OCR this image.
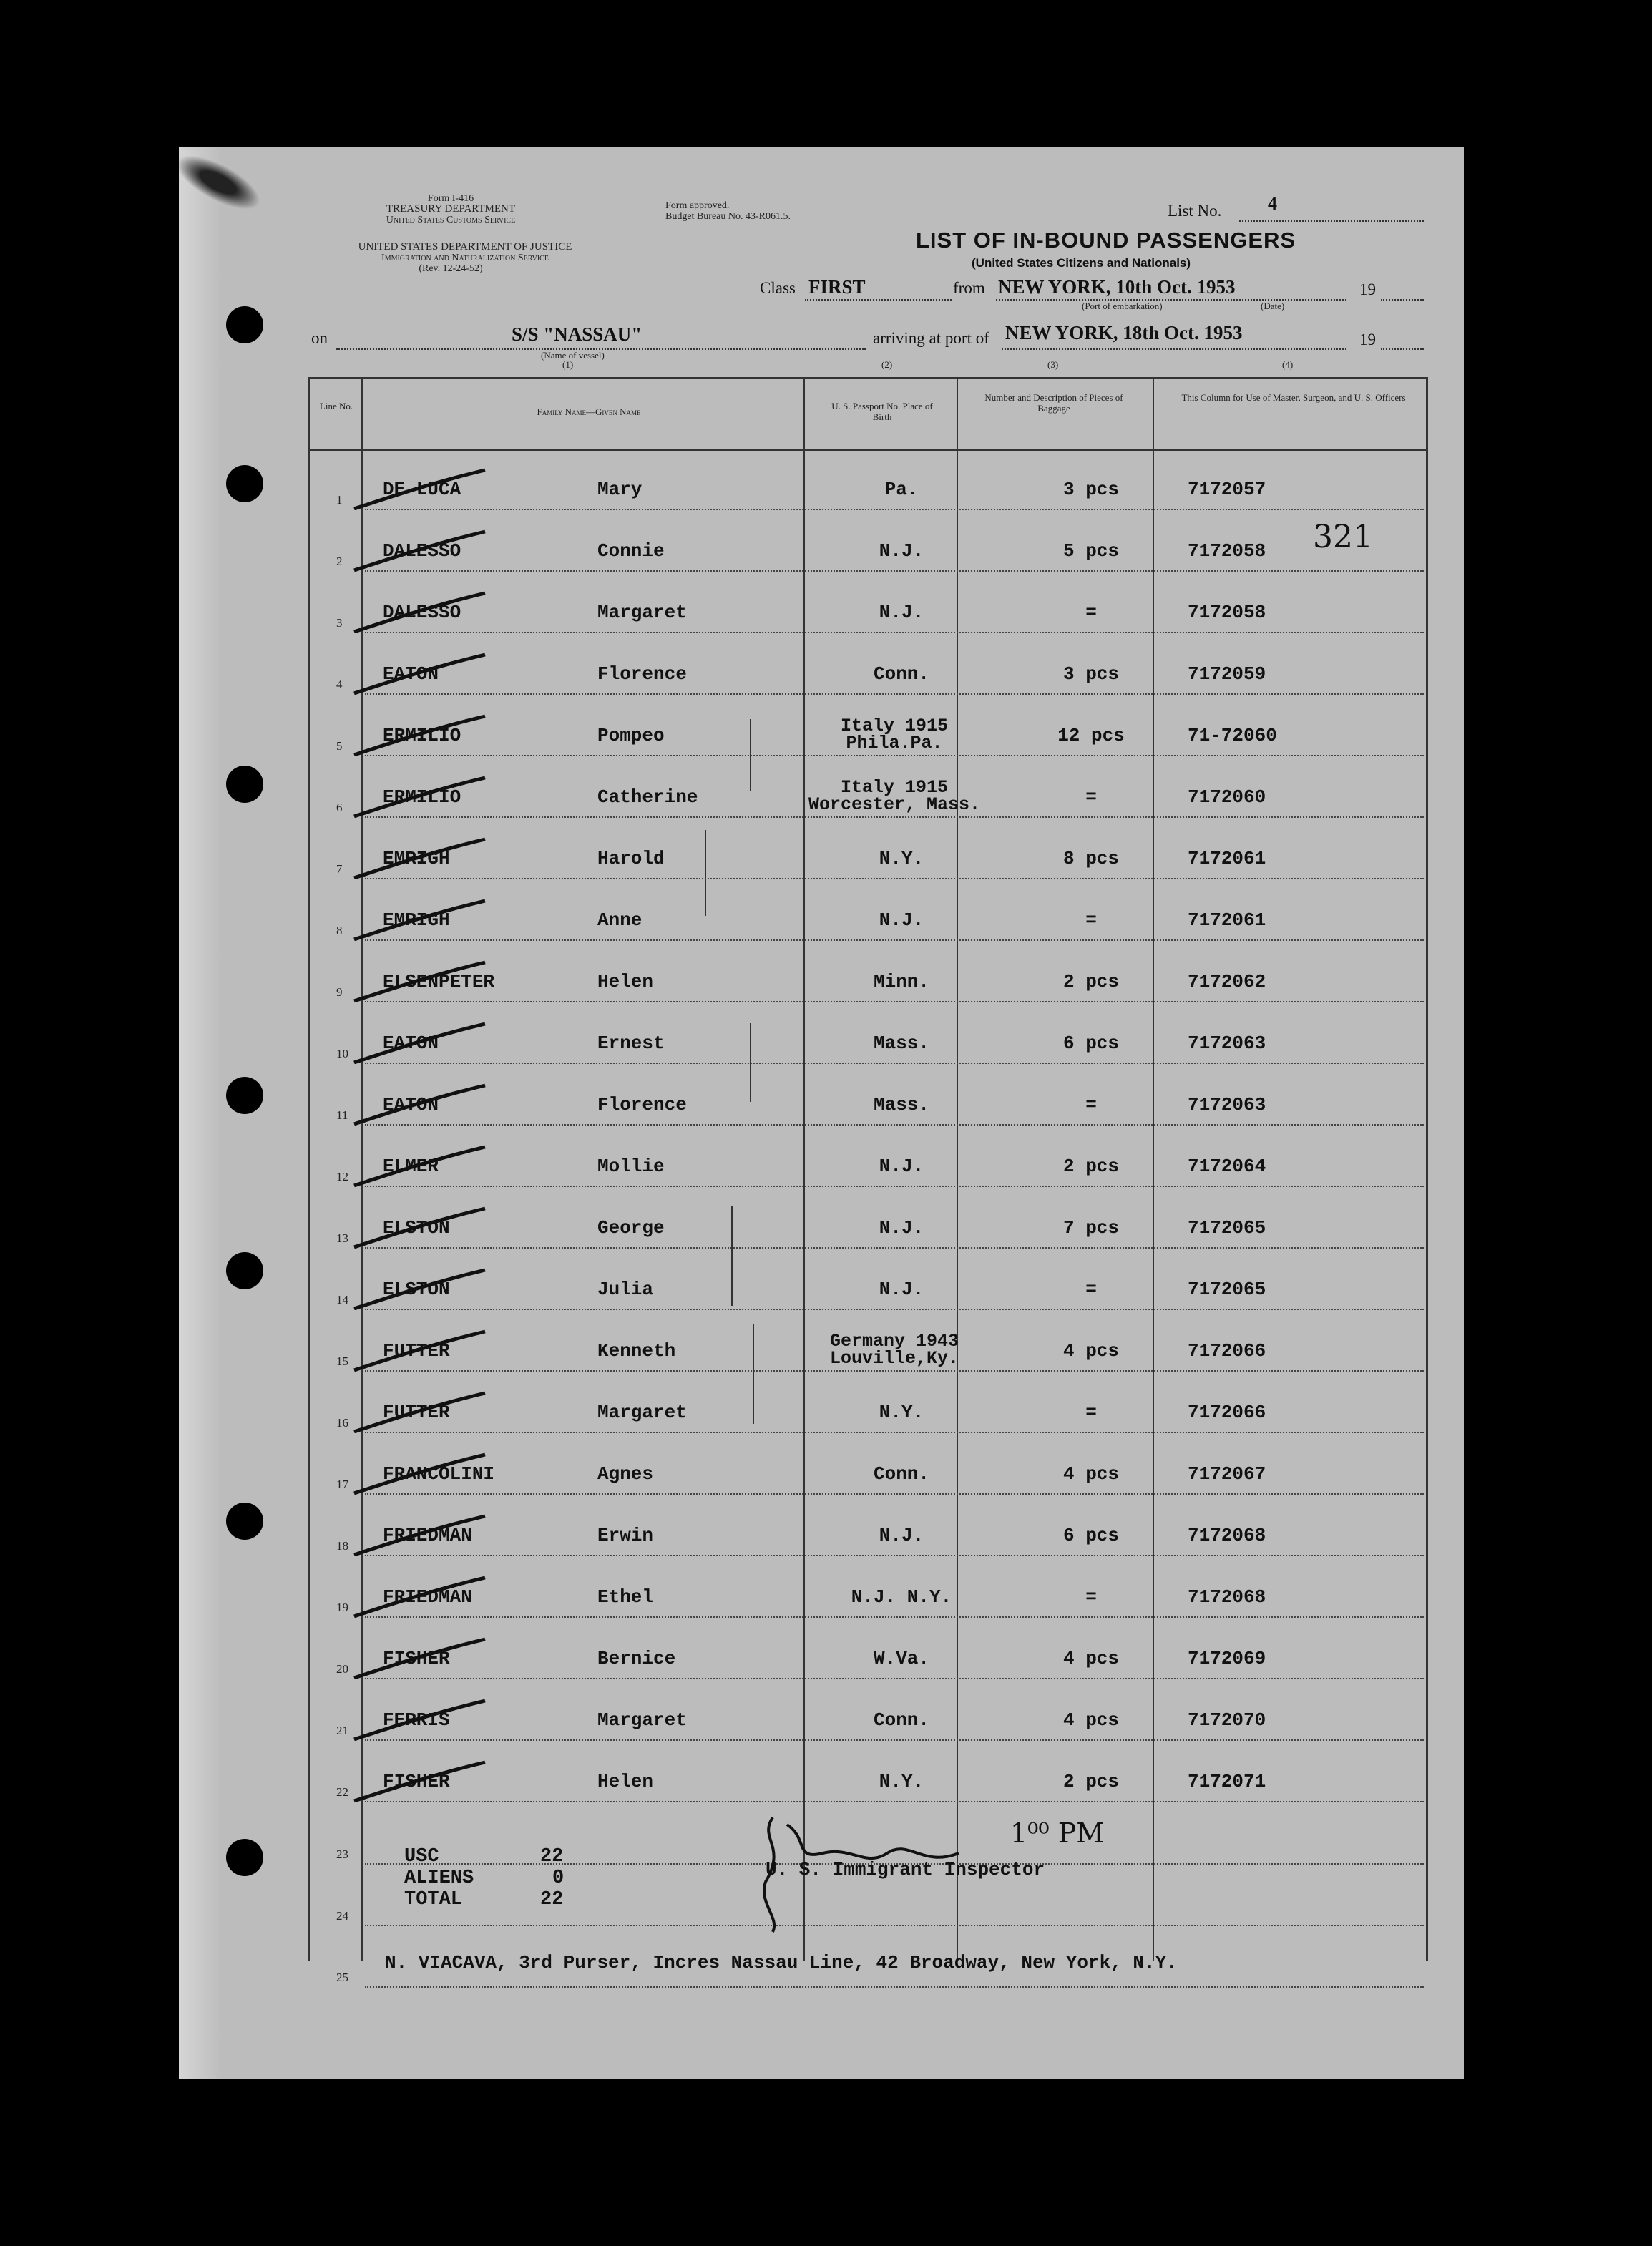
Form I-416
TREASURY DEPARTMENT
United States Customs Service
UNITED STATES DEPARTMENT OF JUSTICE
Immigration and Naturalization Service
(Rev. 12-24-52)
Form approved.
Budget Bureau No. 43-R061.5.	List No. 4
LIST OF IN-BOUND PASSENGERS
(United States Citizens and Nationals)
Class FIRST	from NEW YORK, 10th Oct. 1953	19
(Port of embarkation)	(Date)
on	S/S "NASSAU"
(Name of vessel)
(1)
arriving at port of NEW YORK, 18th Oct. 1953	19
(2)	(3)	(4)
Line No.
Family Name—Given Name
U. S. Passport No. Place of Birth
Number and Description of Pieces of Baggage
This Column for Use of Master, Surgeon, and U. S. Officers
1 DE LUCA	Mary	Pa.	3 pcs	7172057
2 DALESSO	Connie	N.J.	5 pcs	7172058
3 DALESSO	Margaret	N.J.	=	7172058
4 EATON	Florence	Conn.	3 pcs	7172059
5 ERMILIO	Pompeo	Italy 1915 Phila.Pa.	12 pcs	71-72060
6 ERMILIO	Catherine	Italy 1915 Worcester, Mass.	=	7172060
7 EMRIGH	Harold	N.Y.	8 pcs	7172061
8 EMRIGH	Anne	N.J.	=	7172061
9 ELSENPETER	Helen	Minn.	2 pcs	7172062
10 EATON	Ernest	Mass.	6 pcs	7172063
11 EATON	Florence	Mass.	=	7172063
12 ELMER	Mollie	N.J.	2 pcs	7172064
13 ELSTON	George	N.J.	7 pcs	7172065
14 ELSTON	Julia	N.J.	=	7172065
15 FUTTER	Kenneth	Germany 1943 Louville,Ky.	4 pcs	7172066
16 FUTTER	Margaret	N.Y.	=	7172066
17 FRANCOLINI	Agnes	Conn.	4 pcs	7172067
18 FRIEDMAN	Erwin	N.J.	6 pcs	7172068
19 FRIEDMAN	Ethel	N.J. N.Y.	=	7172068
20 FISHER	Bernice	W.Va.	4 pcs	7172069
21 FERRIS	Margaret	Conn.	4 pcs	7172070
22 FISHER	Helen	N.Y.	2 pcs	7172071
321
23
24
25
USC	22
ALIENS	0
TOTAL	22
U. S. Immigrant Inspector
1⁰⁰ PM
N. VIACAVA, 3rd Purser, Incres Nassau Line, 42 Broadway, New York, N.Y.
